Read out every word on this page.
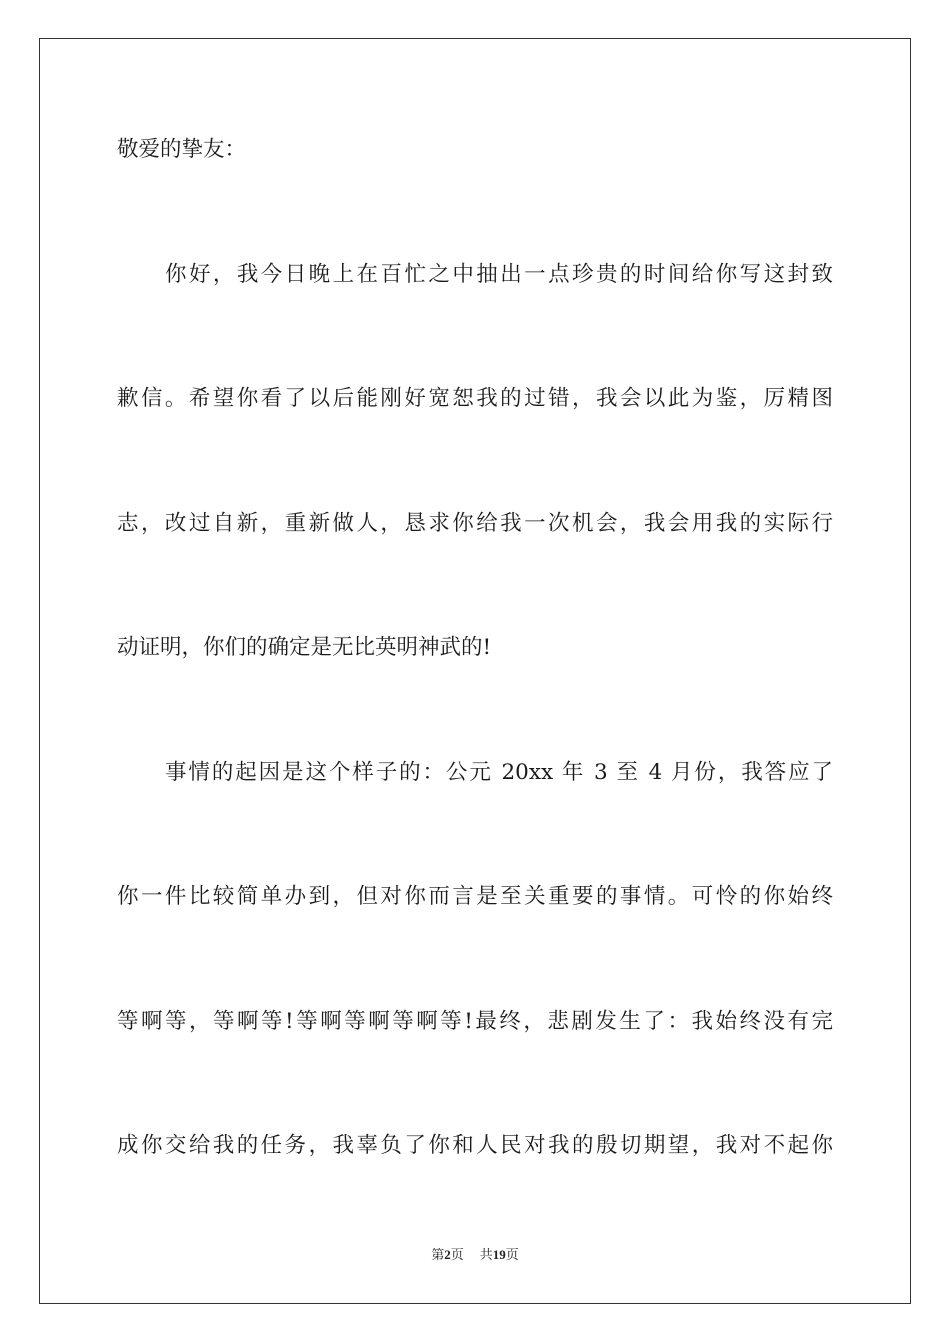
敬爱的挚友：
你好，我今日晚上在百忙之中抽出一点珍贵的时间给你写这封致
歉信。希望你看了以后能刚好宽恕我的过错，我会以此为鉴，厉精图
志，改过自新，重新做人，恳求你给我一次机会，我会用我的实际行
动证明，你们的确定是无比英明神武的!
事情的起因是这个样子的：公元 20xx 年 3 至 4 月份，我答应了
你一件比较简单办到，但对你而言是至关重要的事情。可怜的你始终
等啊等，等啊等!等啊等啊等啊等!最终，悲剧发生了：我始终没有完
成你交给我的任务，我辜负了你和人民对我的殷切期望，我对不起你
第2页 共19页
